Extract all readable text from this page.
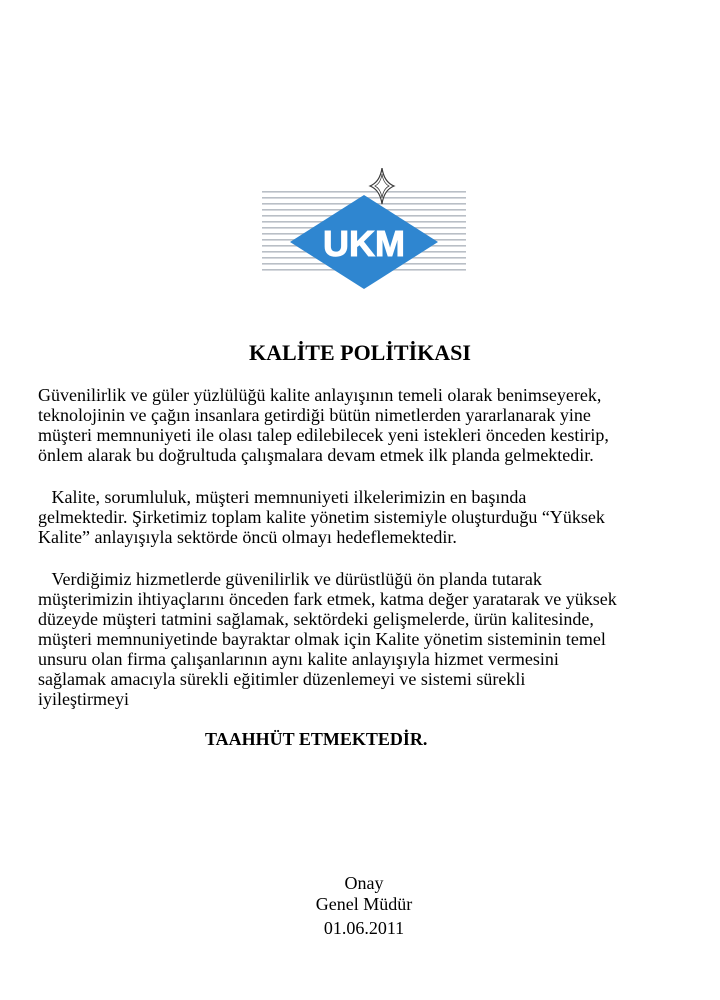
UKM
KALİTE POLİTİKASI

Güvenilirlik ve güler yüzlülüğü kalite anlayışının temeli olarak benimseyerek,
teknolojinin ve çağın insanlara getirdiği bütün nimetlerden yararlanarak yine
müşteri memnuniyeti ile olası talep edilebilecek yeni istekleri önceden kestirip,
önlem alarak bu doğrultuda çalışmalara devam etmek ilk planda gelmektedir.

Kalite, sorumluluk, müşteri memnuniyeti ilkelerimizin en başında
gelmektedir. Şirketimiz toplam kalite yönetim sistemiyle oluşturduğu “Yüksek
Kalite” anlayışıyla sektörde öncü olmayı hedeflemektedir.

Verdiğimiz hizmetlerde güvenilirlik ve dürüstlüğü ön planda tutarak
müşterimizin ihtiyaçlarını önceden fark etmek, katma değer yaratarak ve yüksek
düzeyde müşteri tatmini sağlamak, sektördeki gelişmelerde, ürün kalitesinde,
müşteri memnuniyetinde bayraktar olmak için Kalite yönetim sisteminin temel
unsuru olan firma çalışanlarının aynı kalite anlayışıyla hizmet vermesini
sağlamak amacıyla sürekli eğitimler düzenlemeyi ve sistemi sürekli
iyileştirmeyi

TAAHHÜT ETMEKTEDİR.

Onay

Genel Müdür

01.06.2011
